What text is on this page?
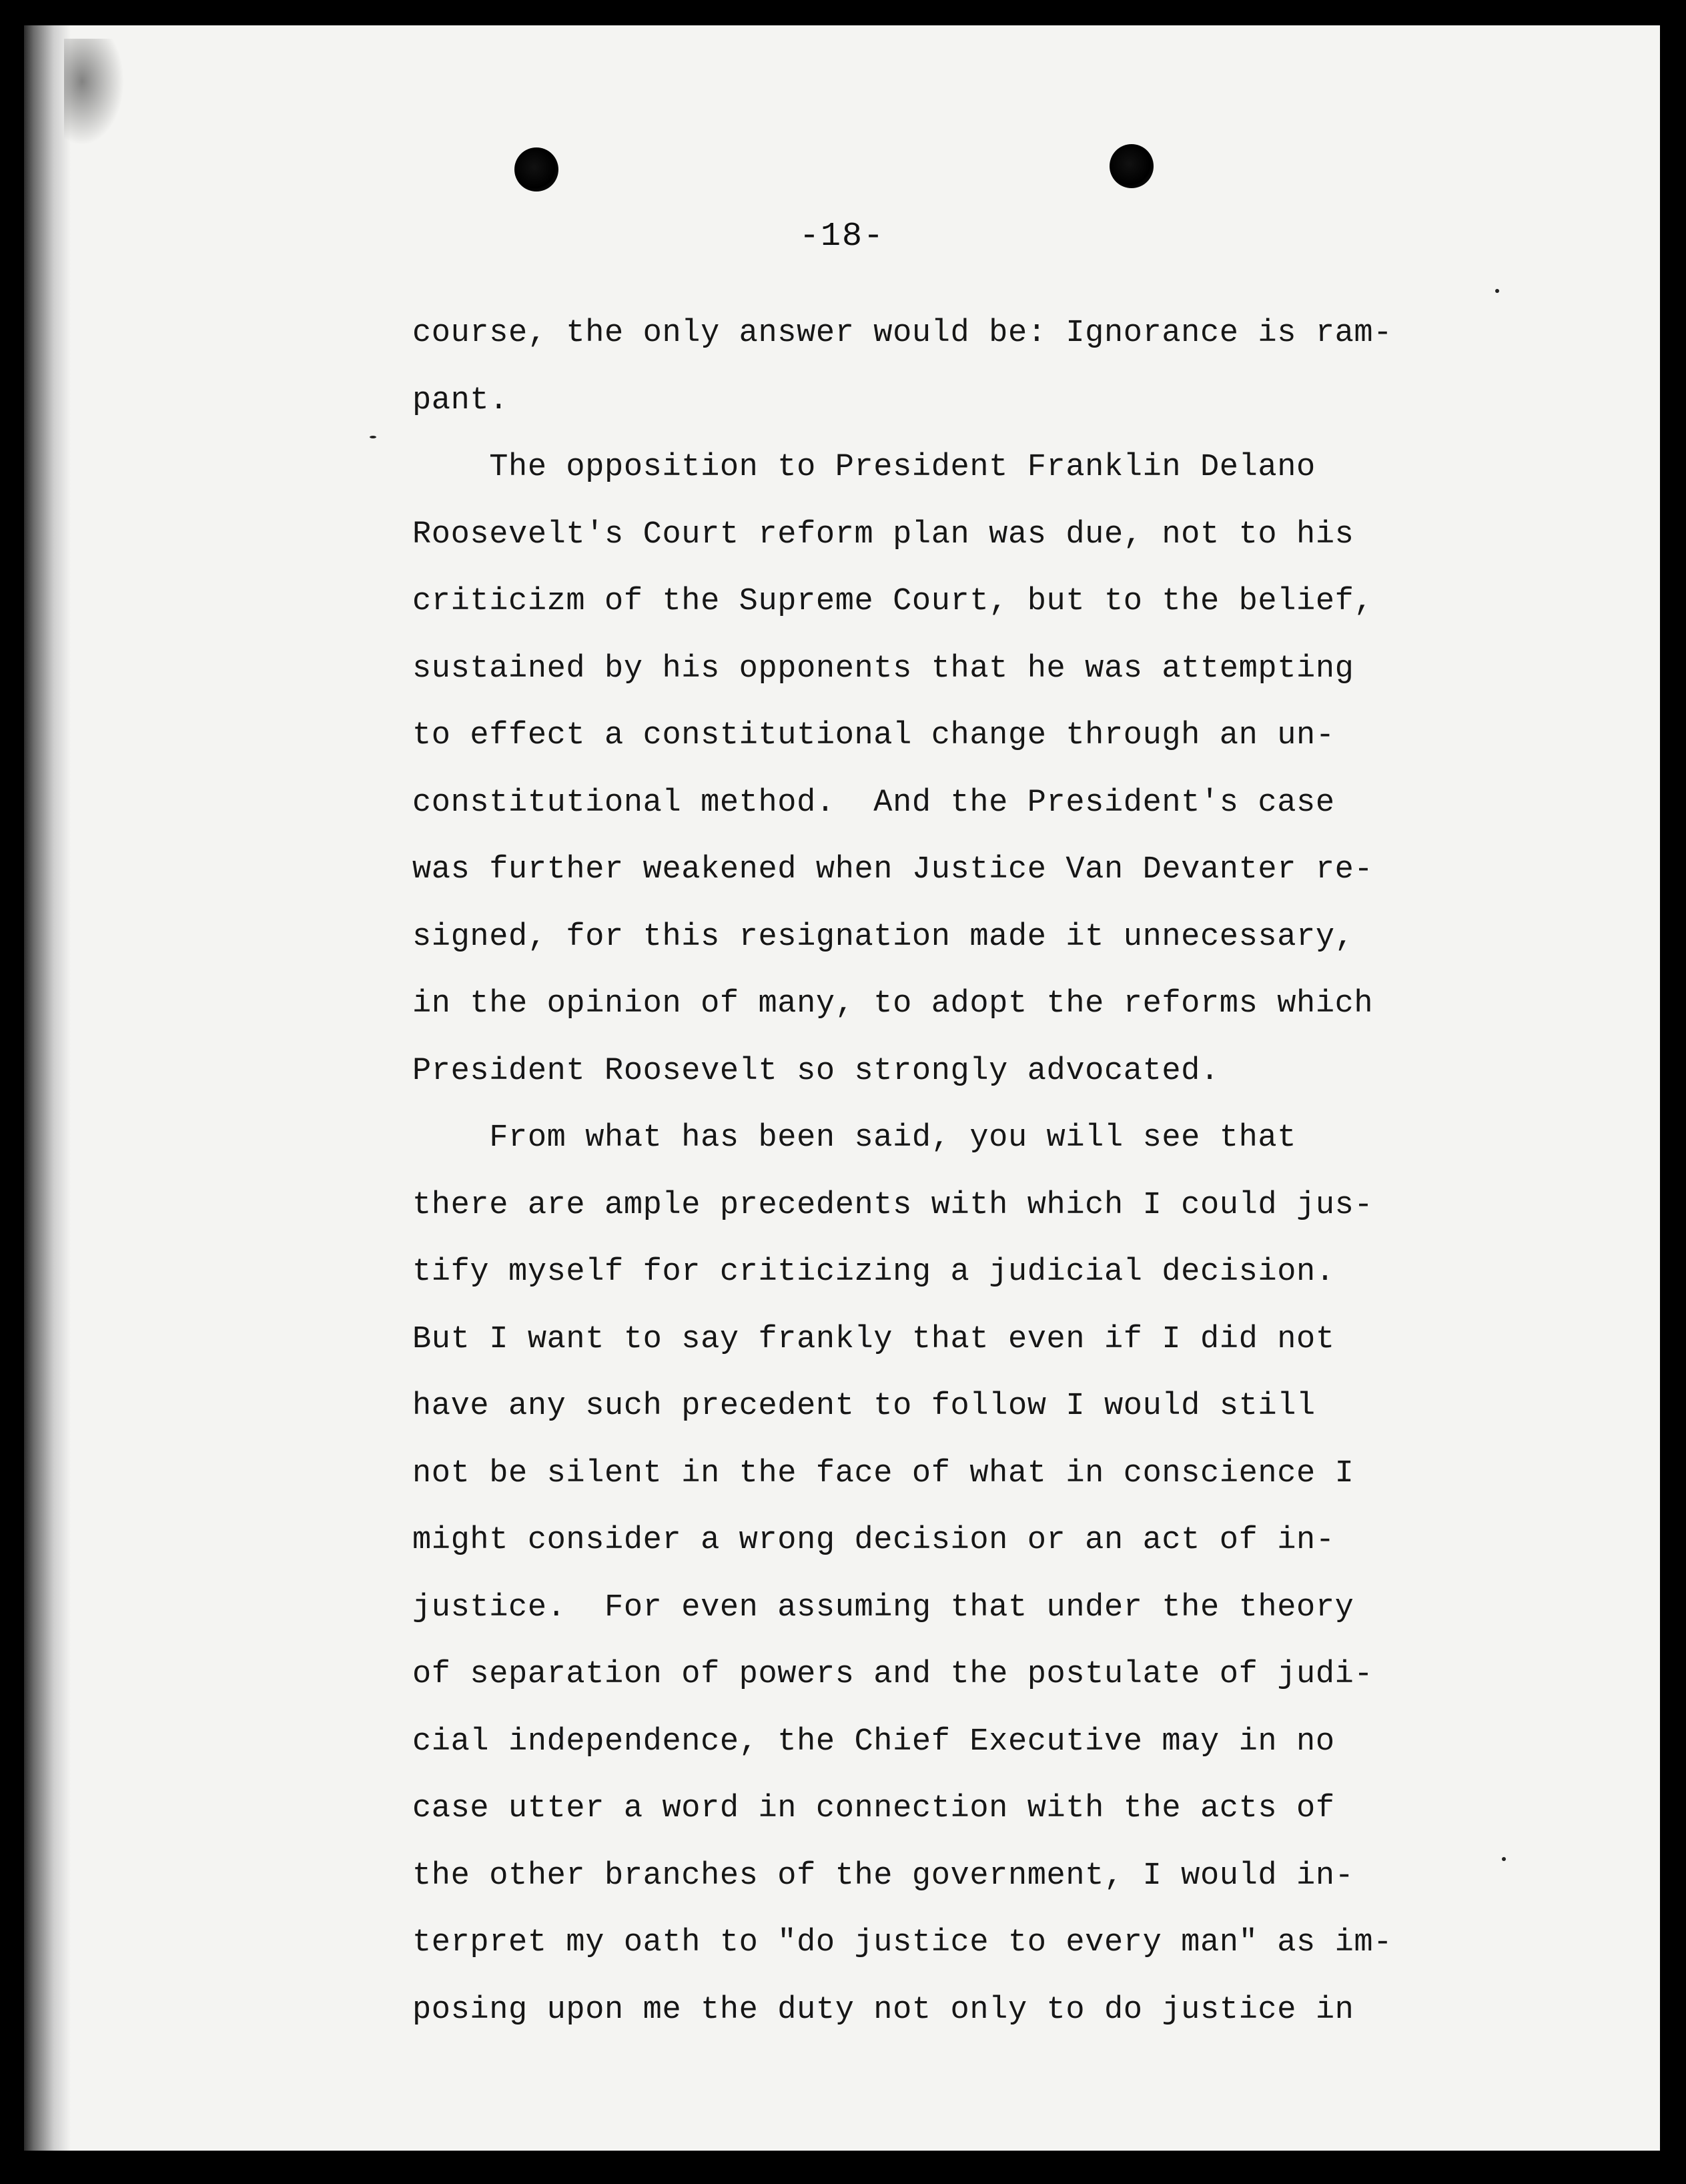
-18-
course, the only answer would be: Ignorance is ram-
pant.
The opposition to President Franklin Delano
Roosevelt's Court reform plan was due, not to his
criticizm of the Supreme Court, but to the belief,
sustained by his opponents that he was attempting
to effect a constitutional change through an un-
constitutional method.  And the President's case
was further weakened when Justice Van Devanter re-
signed, for this resignation made it unnecessary,
in the opinion of many, to adopt the reforms which
President Roosevelt so strongly advocated.
From what has been said, you will see that
there are ample precedents with which I could jus-
tify myself for criticizing a judicial decision.
But I want to say frankly that even if I did not
have any such precedent to follow I would still
not be silent in the face of what in conscience I
might consider a wrong decision or an act of in-
justice.  For even assuming that under the theory
of separation of powers and the postulate of judi-
cial independence, the Chief Executive may in no
case utter a word in connection with the acts of
the other branches of the government, I would in-
terpret my oath to "do justice to every man" as im-
posing upon me the duty not only to do justice in
